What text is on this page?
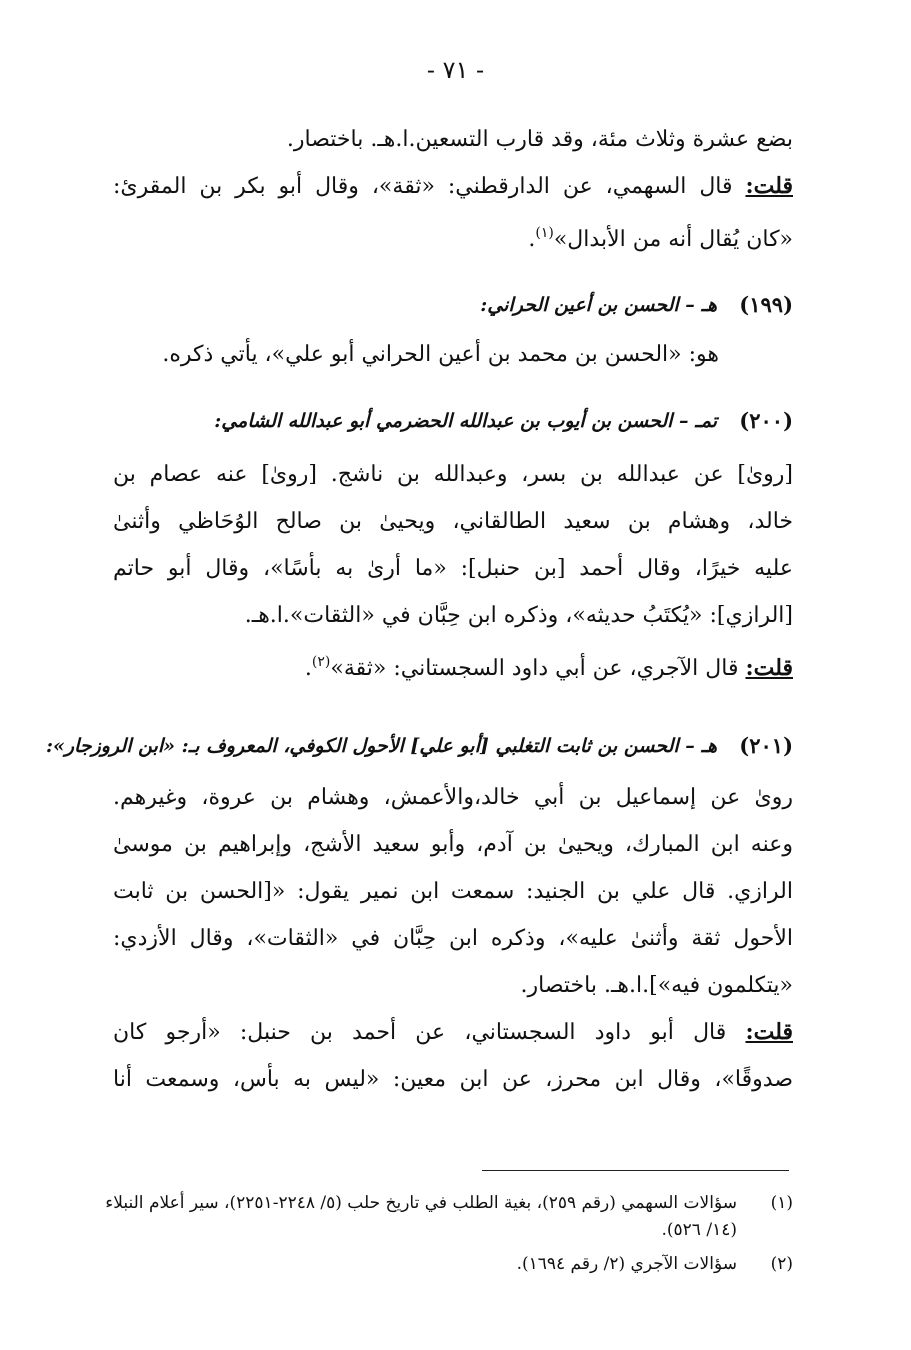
- ٧١ -
بضع عشرة وثلاث مئة، وقد قارب التسعين.ا.هـ. باختصار.
قلت: قال السهمي، عن الدارقطني: «ثقة»، وقال أبو بكر بن المقرئ:
«كان يُقال أنه من الأبدال»$^{(١)}$.
(١٩٩)
هـ – الحسن بن أعين الحراني:
هو: «الحسن بن محمد بن أعين الحراني أبو علي»، يأتي ذكره.
(٢٠٠)
تمـ – الحسن بن أيوب بن عبدالله الحضرمي أبو عبدالله الشامي:
[رویٰ] عن عبدالله بن بسر، وعبدالله بن ناشج. [رویٰ] عنه عصام بن
خالد، وهشام بن سعيد الطالقاني، ويحيیٰ بن صالح الوُحَاظي وأثنیٰ
عليه خيرًا، وقال أحمد [بن حنبل]: «ما أرىٰ به بأسًا»، وقال أبو حاتم
[الرازي]: «يُكتَبُ حديثه»، وذكره ابن حِبَّان في «الثقات».ا.هـ.
قلت: قال الآجري، عن أبي داود السجستاني: «ثقة»$^{(٢)}$.
(٢٠١)
هـ – الحسن بن ثابت التغلبي [أبو علي] الأحول الكوفي، المعروف بـ: «ابن الروزجار»:
رویٰ عن إسماعيل بن أبي خالد،والأعمش، وهشام بن عروة، وغيرهم.
وعنه ابن المبارك، ويحيیٰ بن آدم، وأبو سعيد الأشج، وإبراهيم بن موسیٰ
الرازي. قال علي بن الجنيد: سمعت ابن نمير يقول: «[الحسن بن ثابت
الأحول ثقة وأثنیٰ عليه»، وذكره ابن حِبَّان في «الثقات»، وقال الأزدي:
«يتكلمون فيه»].ا.هـ. باختصار.
قلت: قال أبو داود السجستاني، عن أحمد بن حنبل: «أرجو كان
صدوقًا»، وقال ابن محرز، عن ابن معين: «ليس به بأس، وسمعت أنا
(١)
سؤالات السهمي (رقم ٢٥٩)، بغية الطلب في تاريخ حلب (٥/ ٢٢٤٨-٢٢٥١)، سير أعلام النبلاء (١٤/ ٥٢٦).
(٢)
سؤالات الآجري (٢/ رقم ١٦٩٤).
